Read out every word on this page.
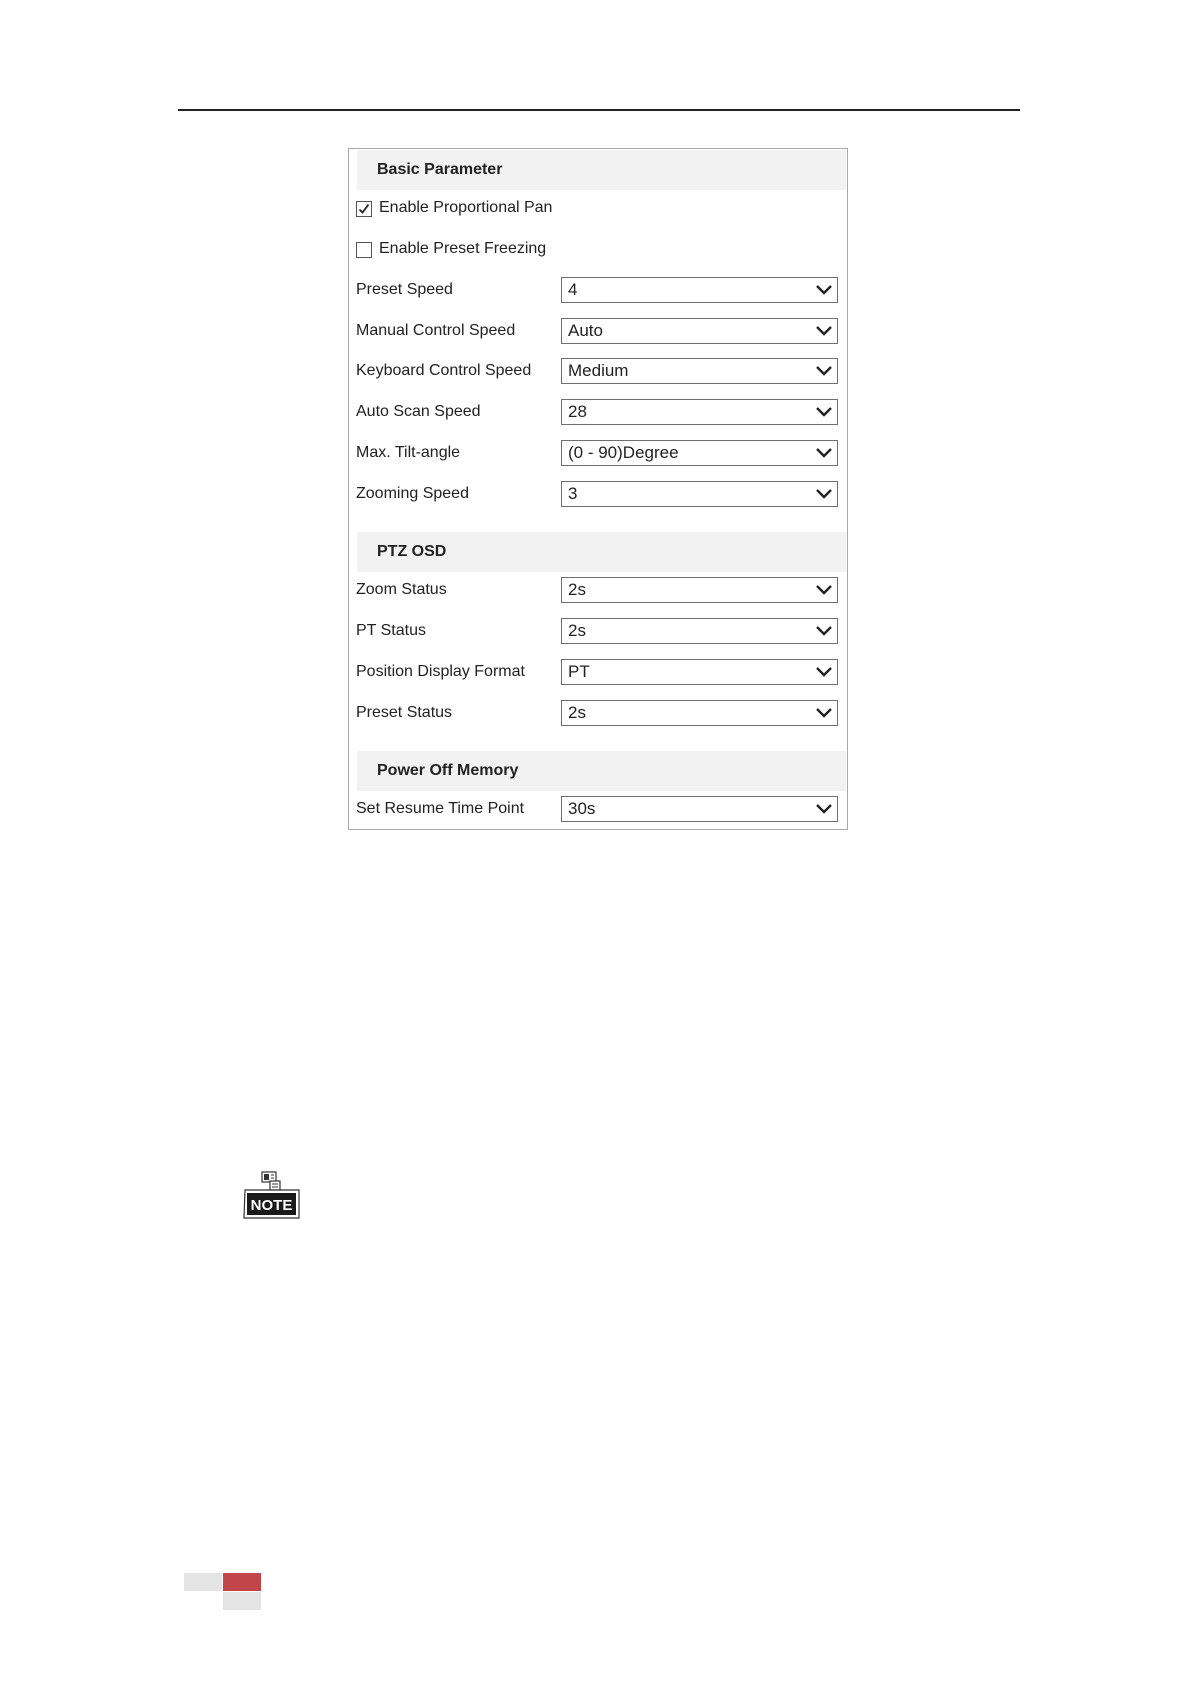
Basic Parameter
Enable Proportional Pan
Enable Preset Freezing
Preset Speed	4
Manual Control Speed	Auto
Keyboard Control Speed Medium
Auto Scan Speed	28
Max. Tilt-angle	(0 - 90)Degree
Zooming Speed	3
PTZ OSD
Zoom Status	2s
PT Status	2s
Position Display Format	PT
Preset Status	2s
Power Off Memory
Set Resume Time Point	30s
NOTE
